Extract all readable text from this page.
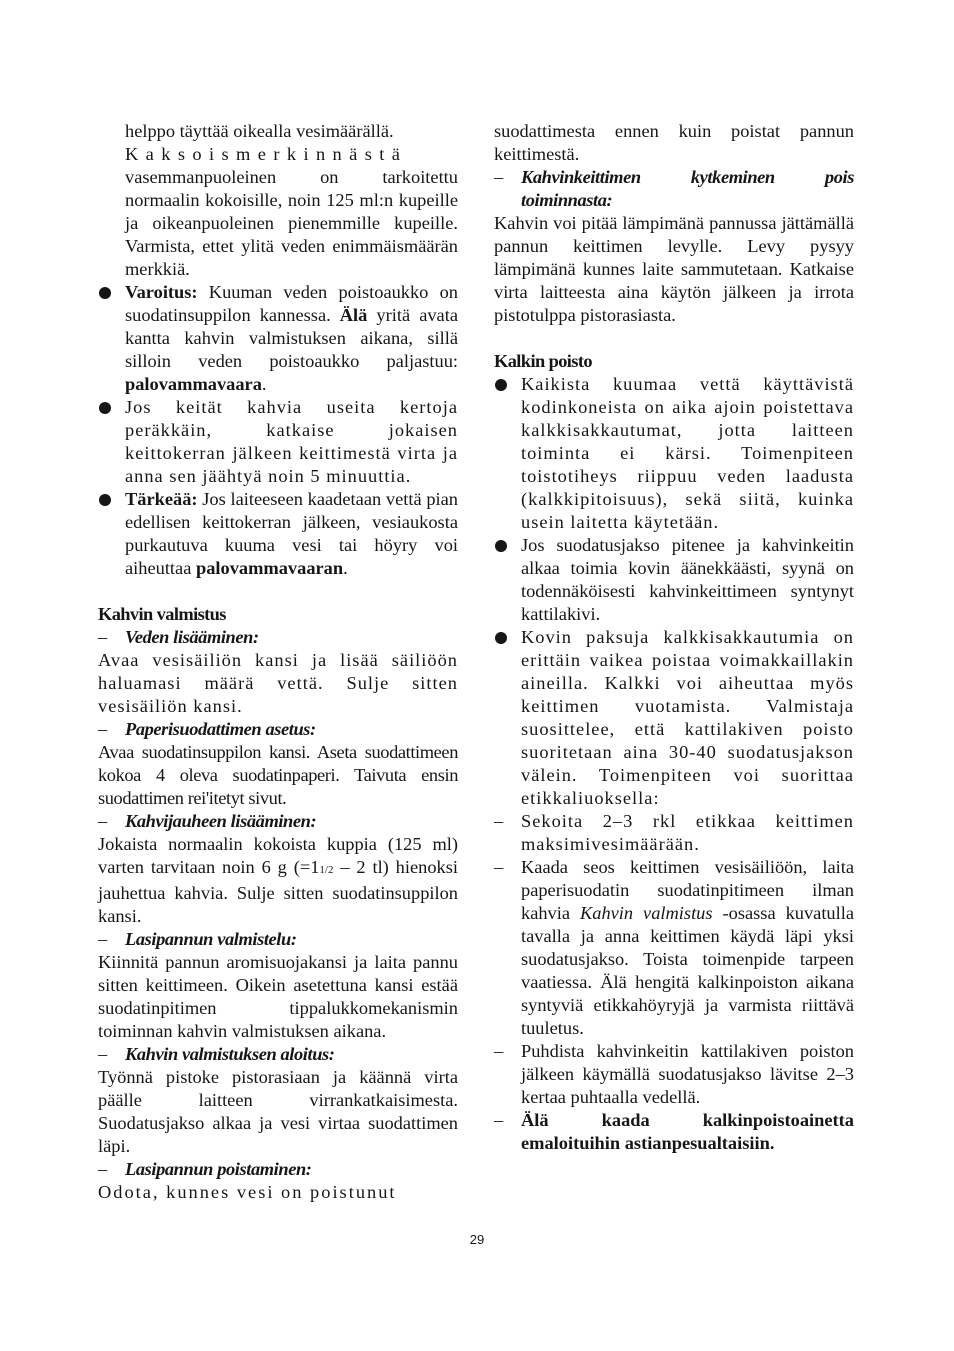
helppo täyttää oikealla vesimäärällä.

Kaksoismerkinnästä

vasemmanpuoleinen on tarkoitettu normaalin kokoisille, noin 125 ml:n kupeille ja oikeanpuoleinen pienemmille kupeille. Varmista, ettet ylitä veden enimmäismäärän merkkiä.

Varoitus: Kuuman veden poistoaukko on suodatinsuppilon kannessa. Älä yritä avata kantta kahvin valmistuksen aikana, sillä silloin veden poistoaukko paljastuu: palovammavaara.

Jos keität kahvia useita kertoja peräkkäin, katkaise jokaisen keittokerran jälkeen keittimestä virta ja anna sen jäähtyä noin 5 minuuttia.

Tärkeää: Jos laiteeseen kaadetaan vettä pian edellisen keittokerran jälkeen, vesiaukosta purkautuva kuuma vesi tai höyry voi aiheuttaa palovammavaaran.

Kahvin valmistus

– Veden lisääminen:

Avaa vesisäiliön kansi ja lisää säiliöön haluamasi määrä vettä. Sulje sitten vesisäiliön kansi.

– Paperisuodattimen asetus:

Avaa suodatinsuppilon kansi. Aseta suodattimeen kokoa 4 oleva suodatinpaperi. Taivuta ensin suodattimen rei'itetyt sivut.

– Kahvijauheen lisääminen:

Jokaista normaalin kokoista kuppia (125 ml) varten tarvitaan noin 6 g (=11/2 – 2 tl) hienoksi jauhettua kahvia. Sulje sitten suodatinsuppilon kansi.

– Lasipannun valmistelu:

Kiinnitä pannun aromisuojakansi ja laita pannu sitten keittimeen. Oikein asetettuna kansi estää suodatinpitimen tippalukkomekanismin toiminnan kahvin valmistuksen aikana.

– Kahvin valmistuksen aloitus:

Työnnä pistoke pistorasiaan ja käännä virta päälle laitteen virrankatkaisimesta. Suodatusjakso alkaa ja vesi virtaa suodattimen läpi.

– Lasipannun poistaminen:

Odota, kunnes vesi on poistunut

suodattimesta ennen kuin poistat pannun keittimestä.

– Kahvinkeittimen kytkeminen pois toiminnasta:

Kahvin voi pitää lämpimänä pannussa jättämällä pannun keittimen levylle. Levy pysyy lämpimänä kunnes laite sammutetaan. Katkaise virta laitteesta aina käytön jälkeen ja irrota pistotulppa pistorasiasta.

Kalkin poisto

Kaikista kuumaa vettä käyttävistä kodinkoneista on aika ajoin poistettava kalkkisakkautumat, jotta laitteen toiminta ei kärsi. Toimenpiteen toistotiheys riippuu veden laadusta (kalkkipitoisuus), sekä siitä, kuinka usein laitetta käytetään.

Jos suodatusjakso pitenee ja kahvinkeitin alkaa toimia kovin äänekkäästi, syynä on todennäköisesti kahvinkeittimeen syntynyt kattilakivi.

Kovin paksuja kalkkisakkautumia on erittäin vaikea poistaa voimakkaillakin aineilla. Kalkki voi aiheuttaa myös keittimen vuotamista. Valmistaja suosittelee, että kattilakiven poisto suoritetaan aina 30-40 suodatusjakson välein. Toimenpiteen voi suorittaa etikkaliuoksella:

– Sekoita 2–3 rkl etikkaa keittimen maksimivesimäärään.

– Kaada seos keittimen vesisäiliöön, laita paperisuodatin suodatinpitimeen ilman kahvia Kahvin valmistus -osassa kuvatulla tavalla ja anna keittimen käydä läpi yksi suodatusjakso. Toista toimenpide tarpeen vaatiessa. Älä hengitä kalkinpoiston aikana syntyviä etikkahöyryjä ja varmista riittävä tuuletus.

– Puhdista kahvinkeitin kattilakiven poiston jälkeen käymällä suodatusjakso lävitse 2–3 kertaa puhtaalla vedellä.

– Älä kaada kalkinpoistoainetta emaloituihin astianpesualtaisiin.

29
